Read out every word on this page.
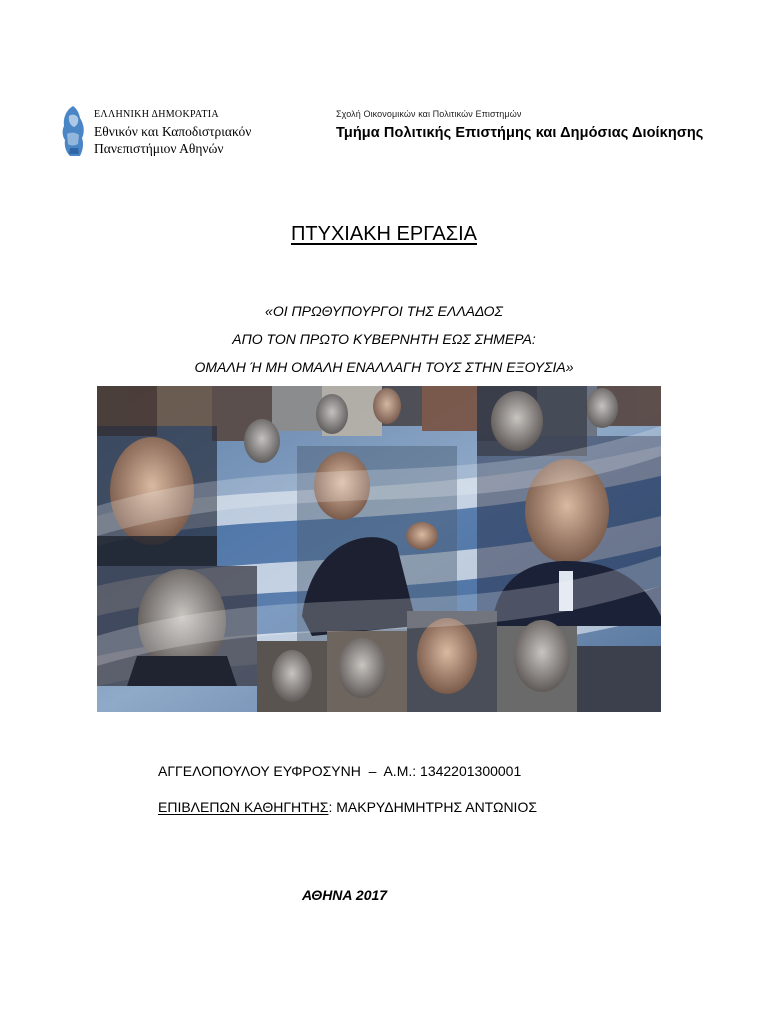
ΕΛΛΗΝΙΚΗ ΔΗΜΟΚΡΑΤΙΑ
Εθνικόν και Καποδιστριακόν
Πανεπιστήμιον Αθηνών
Σχολή Οικονομικών και Πολιτικών Επιστημών
Τμήμα Πολιτικής Επιστήμης και Δημόσιας Διοίκησης
ΠΤΥΧΙΑΚΗ ΕΡΓΑΣΙΑ
«ΟΙ ΠΡΩΘΥΠΟΥΡΓΟΙ ΤΗΣ ΕΛΛΑΔΟΣ
ΑΠΟ ΤΟΝ ΠΡΩΤΟ ΚΥΒΕΡΝΗΤΗ ΕΩΣ ΣΗΜΕΡΑ:
ΟΜΑΛΗ Ή ΜΗ ΟΜΑΛΗ ΕΝΑΛΛΑΓΗ ΤΟΥΣ ΣΤΗΝ ΕΞΟΥΣΙΑ»
ΑΓΓΕΛΟΠΟΥΛΟΥ ΕΥΦΡΟΣΥΝΗ – Α.Μ.: 1342201300001
ΕΠΙΒΛΕΠΩΝ ΚΑΘΗΓΗΤΗΣ: ΜΑΚΡΥΔΗΜΗΤΡΗΣ ΑΝΤΩΝΙΟΣ
ΑΘΗΝΑ 2017
